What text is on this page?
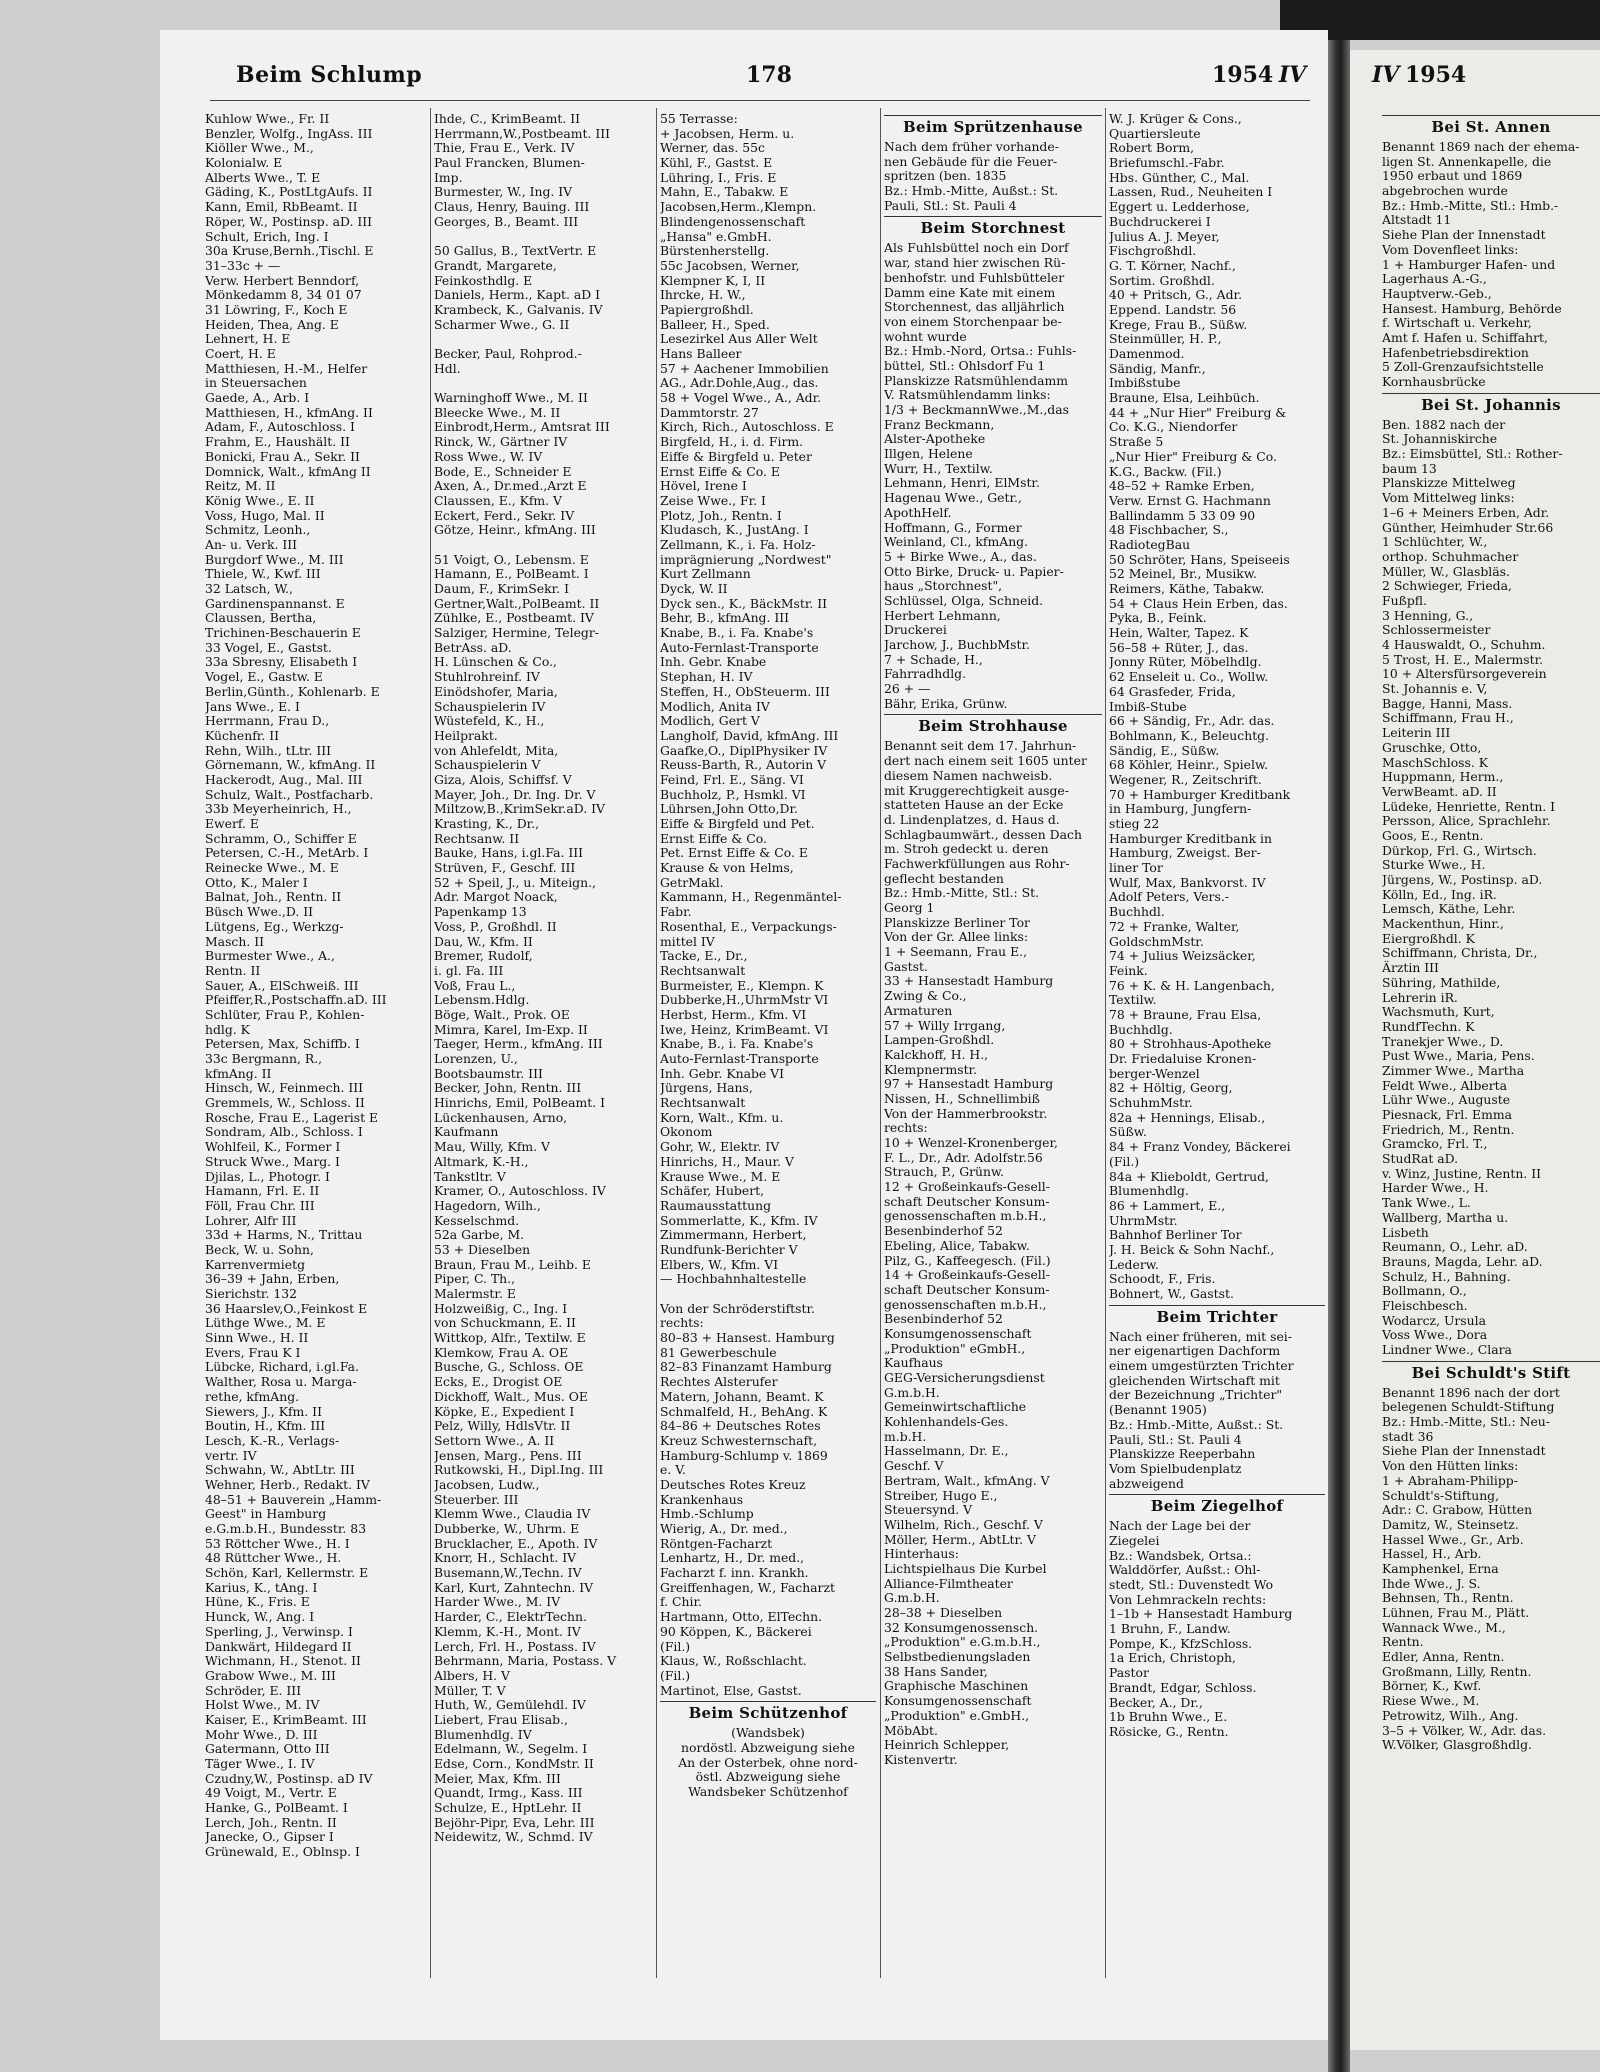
Beim Schlump	178	1954 IV	IV 1954
Kuhlow Wwe., Fr. II
Benzler, Wolfg., IngAss. III
Kiöller Wwe., M.,
Kolonialw. E
Alberts Wwe., T. E
Gäding, K., PostLtgAufs. II
Kann, Emil, RbBeamt. II
Röper, W., Postinsp. aD. III
Schult, Erich, Ing. I
30a Kruse,Bernh.,Tischl. E
31–33c + —
Verw. Herbert Benndorf,
Mönkedamm 8, 34 01 07
31 Löwring, F., Koch E
Heiden, Thea, Ang. E
Lehnert, H. E
Coert, H. E
Matthiesen, H.-M., Helfer
in Steuersachen
Gaede, A., Arb. I
Matthiesen, H., kfmAng. II
Adam, F., Autoschloss. I
Frahm, E., Haushält. II
Bonicki, Frau A., Sekr. II
Domnick, Walt., kfmAng II
Reitz, M. II
König Wwe., E. II
Voss, Hugo, Mal. II
Schmitz, Leonh.,
An- u. Verk. III
Burgdorf Wwe., M. III
Thiele, W., Kwf. III
32 Latsch, W.,
Gardinenspannanst. E
Claussen, Bertha,
Trichinen-Beschauerin E
33 Vogel, E., Gastst.
33a Sbresny, Elisabeth I
Vogel, E., Gastw. E
Berlin,Günth., Kohlenarb. E
Jans Wwe., E. I
Herrmann, Frau D.,
Küchenfr. II
Rehn, Wilh., tLtr. III
Görnemann, W., kfmAng. II
Hackerodt, Aug., Mal. III
Schulz, Walt., Postfacharb.
33b Meyerheinrich, H.,
Ewerf. E
Schramm, O., Schiffer E
Petersen, C.-H., MetArb. I
Reinecke Wwe., M. E
Otto, K., Maler I
Balnat, Joh., Rentn. II
Büsch Wwe.,D. II
Lütgens, Eg., Werkzg-
Masch. II
Burmester Wwe., A.,
Rentn. II
Sauer, A., ElSchweiß. III
Pfeiffer,R.,Postschaffn.aD. III
Schlüter, Frau P., Kohlen-
hdlg. K
Petersen, Max, Schiffb. I
33c Bergmann, R.,
kfmAng. II
Hinsch, W., Feinmech. III
Gremmels, W., Schloss. II
Rosche, Frau E., Lagerist E
Sondram, Alb., Schloss. I
Wohlfeil, K., Former I
Struck Wwe., Marg. I
Djilas, L., Photogr. I
Hamann, Frl. E. II
Föll, Frau Chr. III
Lohrer, Alfr III
33d + Harms, N., Trittau
Beck, W. u. Sohn,
Karrenvermietg
36–39 + Jahn, Erben,
Sierichstr. 132
36 Haarslev,O.,Feinkost E
Lüthge Wwe., M. E
Sinn Wwe., H. II
Evers, Frau K I
Lübcke, Richard, i.gl.Fa.
Walther, Rosa u. Marga-
rethe, kfmAng.
Siewers, J., Kfm. II
Boutin, H., Kfm. III
Lesch, K.-R., Verlags-
vertr. IV
Schwahn, W., AbtLtr. III
Wehner, Herb., Redakt. IV
48–51 + Bauverein „Hamm-
Geest" in Hamburg
e.G.m.b.H., Bundesstr. 83
53 Röttcher Wwe., H. I
48 Rüttcher Wwe., H.
Schön, Karl, Kellermstr. E
Karius, K., tAng. I
Hüne, K., Fris. E
Hunck, W., Ang. I
Sperling, J., Verwinsp. I
Dankwärt, Hildegard II
Wichmann, H., Stenot. II
Grabow Wwe., M. III
Schröder, E. III
Holst Wwe., M. IV
Kaiser, E., KrimBeamt. III
Mohr Wwe., D. III
Gatermann, Otto III
Täger Wwe., I. IV
Czudny,W., Postinsp. aD IV
49 Voigt, M., Vertr. E
Hanke, G., PolBeamt. I
Lerch, Joh., Rentn. II
Janecke, O., Gipser I
Grünewald, E., Oblnsp. I
Ihde, C., KrimBeamt. II
Herrmann,W.,Postbeamt. III
Thie, Frau E., Verk. IV
Paul Francken, Blumen-
Imp.
Burmester, W., Ing. IV
Claus, Henry, Bauing. III
Georges, B., Beamt. III
50 Gallus, B., TextVertr. E
Grandt, Margarete,
Feinkosthdlg. E
Daniels, Herm., Kapt. aD I
Krambeck, K., Galvanis. IV
Scharmer Wwe., G. II
Becker, Paul, Rohprod.-
Hdl.
Warninghoff Wwe., M. II
Bleecke Wwe., M. II
Einbrodt,Herm., Amtsrat III
Rinck, W., Gärtner IV
Ross Wwe., W. IV
Bode, E., Schneider E
Axen, A., Dr.med.,Arzt E
Claussen, E., Kfm. V
Eckert, Ferd., Sekr. IV
Götze, Heinr., kfmAng. III
51 Voigt, O., Lebensm. E
Hamann, E., PolBeamt. I
Daum, F., KrimSekr. I
Gertner,Walt.,PolBeamt. II
Zühlke, E., Postbeamt. IV
Salziger, Hermine, Telegr-
BetrAss. aD.
H. Lünschen & Co.,
Stuhlrohreinf. IV
Einödshofer, Maria,
Schauspielerin IV
Wüstefeld, K., H.,
Heilprakt.
von Ahlefeldt, Mita,
Schauspielerin V
Giza, Alois, Schiffsf. V
Mayer, Joh., Dr. Ing. Dr. V
Miltzow,B.,KrimSekr.aD. IV
Krasting, K., Dr.,
Rechtsanw. II
Bauke, Hans, i.gl.Fa. III
Strüven, F., Geschf. III
52 + Speil, J., u. Miteign.,
Adr. Margot Noack,
Papenkamp 13
Voss, P., Großhdl. II
Dau, W., Kfm. II
Bremer, Rudolf,
i. gl. Fa. III
Voß, Frau L.,
Lebensm.Hdlg.
Böge, Walt., Prok. OE
Mimra, Karel, Im-Exp. II
Taeger, Herm., kfmAng. III
Lorenzen, U.,
Bootsbaumstr. III
Becker, John, Rentn. III
Hinrichs, Emil, PolBeamt. I
Lückenhausen, Arno,
Kaufmann
Mau, Willy, Kfm. V
Altmark, K.-H.,
Tankstltr. V
Kramer, O., Autoschloss. IV
Hagedorn, Wilh.,
Kesselschmd.
52a Garbe, M.
53 + Dieselben
Braun, Frau M., Leihb. E
Piper, C. Th.,
Malermstr. E
Holzweißig, C., Ing. I
von Schuckmann, E. II
Wittkop, Alfr., Textilw. E
Klemkow, Frau A. OE
Busche, G., Schloss. OE
Ecks, E., Drogist OE
Dickhoff, Walt., Mus. OE
Köpke, E., Expedient I
Pelz, Willy, HdlsVtr. II
Settorn Wwe., A. II
Jensen, Marg., Pens. III
Rutkowski, H., Dipl.Ing. III
Jacobsen, Ludw.,
Steuerber. III
Klemm Wwe., Claudia IV
Dubberke, W., Uhrm. E
Brucklacher, E., Apoth. IV
Knorr, H., Schlacht. IV
Busemann,W.,Techn. IV
Karl, Kurt, Zahntechn. IV
Harder Wwe., M. IV
Harder, C., ElektrTechn.
Klemm, K.-H., Mont. IV
Lerch, Frl. H., Postass. IV
Behrmann, Maria, Postass. V
Albers, H. V
Müller, T. V
Huth, W., Gemülehdl. IV
Liebert, Frau Elisab.,
Blumenhdlg. IV
Edelmann, W., Segelm. I
Edse, Corn., KondMstr. II
Meier, Max, Kfm. III
Quandt, Irmg., Kass. III
Schulze, E., HptLehr. II
Bejöhr-Pipr, Eva, Lehr. III
Neidewitz, W., Schmd. IV
55 Terrasse:
+ Jacobsen, Herm. u.
Werner, das. 55c
Kühl, F., Gastst. E
Lühring, I., Fris. E
Mahn, E., Tabakw. E
Jacobsen,Herm.,Klempn.
Blindengenossenschaft
„Hansa" e.GmbH.
Bürstenherstellg.
55c Jacobsen, Werner,
Klempner K, I, II
Ihrcke, H. W.,
Papiergroßhdl.
Balleer, H., Sped.
Lesezirkel Aus Aller Welt
Hans Balleer
57 + Aachener Immobilien
AG., Adr.Dohle,Aug., das.
58 + Vogel Wwe., A., Adr.
Dammtorstr. 27
Kirch, Rich., Autoschloss. E
Birgfeld, H., i. d. Firm.
Eiffe & Birgfeld u. Peter
Ernst Eiffe & Co. E
Hövel, Irene I
Zeise Wwe., Fr. I
Plotz, Joh., Rentn. I
Kludasch, K., JustAng. I
Zellmann, K., i. Fa. Holz-
imprägnierung „Nordwest"
Kurt Zellmann
Dyck, W. II
Dyck sen., K., BäckMstr. II
Behr, B., kfmAng. III
Knabe, B., i. Fa. Knabe's
Auto-Fernlast-Transporte
Inh. Gebr. Knabe
Stephan, H. IV
Steffen, H., ObSteuerm. III
Modlich, Anita IV
Modlich, Gert V
Langholf, David, kfmAng. III
Gaafke,O., DiplPhysiker IV
Reuss-Barth, R., Autorin V
Feind, Frl. E., Säng. VI
Buchholz, P., Hsmkl. VI
Lührsen,John Otto,Dr.
Eiffe & Birgfeld und Pet.
Ernst Eiffe & Co.
Pet. Ernst Eiffe & Co. E
Krause & von Helms,
GetrMakl.
Kammann, H., Regenmäntel-
Fabr.
Rosenthal, E., Verpackungs-
mittel IV
Tacke, E., Dr.,
Rechtsanwalt
Burmeister, E., Klempn. K
Dubberke,H.,UhrmMstr VI
Herbst, Herm., Kfm. VI
Iwe, Heinz, KrimBeamt. VI
Knabe, B., i. Fa. Knabe's
Auto-Fernlast-Transporte
Inh. Gebr. Knabe VI
Jürgens, Hans,
Rechtsanwalt
Korn, Walt., Kfm. u.
Okonom
Gohr, W., Elektr. IV
Hinrichs, H., Maur. V
Krause Wwe., M. E
Schäfer, Hubert,
Raumausstattung
Sommerlatte, K., Kfm. IV
Zimmermann, Herbert,
Rundfunk-Berichter V
Elbers, W., Kfm. VI
— Hochbahnhaltestelle
Von der Schröderstiftstr.
rechts:
80–83 + Hansest. Hamburg
81 Gewerbeschule
82–83 Finanzamt Hamburg
Rechtes Alsterufer
Matern, Johann, Beamt. K
Schmalfeld, H., BehAng. K
84–86 + Deutsches Rotes
Kreuz Schwesternschaft,
Hamburg-Schlump v. 1869
e. V.
Deutsches Rotes Kreuz
Krankenhaus
Hmb.-Schlump
Wierig, A., Dr. med.,
Röntgen-Facharzt
Lenhartz, H., Dr. med.,
Facharzt f. inn. Krankh.
Greiffenhagen, W., Facharzt
f. Chir.
Hartmann, Otto, ElTechn.
90 Köppen, K., Bäckerei
(Fil.)
Klaus, W., Roßschlacht.
(Fil.)
Martinot, Else, Gastst.
Beim Schützenhof
(Wandsbek)
nordöstl. Abzweigung siehe
An der Osterbek, ohne nord-
östl. Abzweigung siehe
Wandsbeker Schützenhof
Beim Sprützenhause
Nach dem früher vorhande-
nen Gebäude für die Feuer-
spritzen (ben. 1835
Bz.: Hmb.-Mitte, Außst.: St.
Pauli, Stl.: St. Pauli 4
Beim Storchnest
Als Fuhlsbüttel noch ein Dorf
war, stand hier zwischen Rü-
benhofstr. und Fuhlsbütteler
Damm eine Kate mit einem
Storchennest, das alljährlich
von einem Storchenpaar be-
wohnt wurde
Bz.: Hmb.-Nord, Ortsa.: Fuhls-
büttel, Stl.: Ohlsdorf Fu 1
Planskizze Ratsmühlendamm
V. Ratsmühlendamm links:
1/3 + BeckmannWwe.,M.,das
Franz Beckmann,
Alster-Apotheke
Illgen, Helene
Wurr, H., Textilw.
Lehmann, Henri, ElMstr.
Hagenau Wwe., Getr.,
ApothHelf.
Hoffmann, G., Former
Weinland, Cl., kfmAng.
5 + Birke Wwe., A., das.
Otto Birke, Druck- u. Papier-
haus „Storchnest",
Schlüssel, Olga, Schneid.
Herbert Lehmann,
Druckerei
Jarchow, J., BuchbMstr.
7 + Schade, H.,
Fahrradhdlg.
26 + —
Bähr, Erika, Grünw.
Beim Strohhause
Benannt seit dem 17. Jahrhun-
dert nach einem seit 1605 unter
diesem Namen nachweisb.
mit Kruggerechtigkeit ausge-
statteten Hause an der Ecke
d. Lindenplatzes, d. Haus d.
Schlagbaumwärt., dessen Dach
m. Stroh gedeckt u. deren
Fachwerkfüllungen aus Rohr-
geflecht bestanden
Bz.: Hmb.-Mitte, Stl.: St.
Georg 1
Planskizze Berliner Tor
Von der Gr. Allee links:
1 + Seemann, Frau E.,
Gastst.
33 + Hansestadt Hamburg
Zwing & Co.,
Armaturen
57 + Willy Irrgang,
Lampen-Großhdl.
Kalckhoff, H. H.,
Klempnermstr.
97 + Hansestadt Hamburg
Nissen, H., Schnellimbiß
Von der Hammerbrookstr.
rechts:
10 + Wenzel-Kronenberger,
F. L., Dr., Adr. Adolfstr.56
Strauch, P., Grünw.
12 + Großeinkaufs-Gesell-
schaft Deutscher Konsum-
genossenschaften m.b.H.,
Besenbinderhof 52
Ebeling, Alice, Tabakw.
Pilz, G., Kaffeegesch. (Fil.)
14 + Großeinkaufs-Gesell-
schaft Deutscher Konsum-
genossenschaften m.b.H.,
Besenbinderhof 52
Konsumgenossenschaft
„Produktion" eGmbH.,
Kaufhaus
GEG-Versicherungsdienst
G.m.b.H.
Gemeinwirtschaftliche
Kohlenhandels-Ges.
m.b.H.
Hasselmann, Dr. E.,
Geschf. V
Bertram, Walt., kfmAng. V
Streiber, Hugo E.,
Steuersynd. V
Wilhelm, Rich., Geschf. V
Möller, Herm., AbtLtr. V
Hinterhaus:
Lichtspielhaus Die Kurbel
Alliance-Filmtheater
G.m.b.H.
28–38 + Dieselben
32 Konsumgenossensch.
„Produktion" e.G.m.b.H.,
Selbstbedienungsladen
38 Hans Sander,
Graphische Maschinen
Konsumgenossenschaft
„Produktion" e.GmbH.,
MöbAbt.
Heinrich Schlepper,
Kistenvertr.
W. J. Krüger & Cons.,
Quartiersleute
Robert Borm,
Briefumschl.-Fabr.
Hbs. Günther, C., Mal.
Lassen, Rud., Neuheiten I
Eggert u. Ledderhose,
Buchdruckerei I
Julius A. J. Meyer,
Fischgroßhdl.
G. T. Körner, Nachf.,
Sortim. Großhdl.
40 + Pritsch, G., Adr.
Eppend. Landstr. 56
Krege, Frau B., Süßw.
Steinmüller, H. P.,
Damenmod.
Sändig, Manfr.,
Imbißstube
Braune, Elsa, Leihbüch.
44 + „Nur Hier" Freiburg &
Co. K.G., Niendorfer
Straße 5
„Nur Hier" Freiburg & Co.
K.G., Backw. (Fil.)
48–52 + Ramke Erben,
Verw. Ernst G. Hachmann
Ballindamm 5 33 09 90
48 Fischbacher, S.,
RadiotegBau
50 Schröter, Hans, Speiseeis
52 Meinel, Br., Musikw.
Reimers, Käthe, Tabakw.
54 + Claus Hein Erben, das.
Pyka, B., Feink.
Hein, Walter, Tapez. K
56–58 + Rüter, J., das.
Jonny Rüter, Möbelhdlg.
62 Enseleit u. Co., Wollw.
64 Grasfeder, Frida,
Imbiß-Stube
66 + Sändig, Fr., Adr. das.
Bohlmann, K., Beleuchtg.
Sändig, E., Süßw.
68 Köhler, Heinr., Spielw.
Wegener, R., Zeitschrift.
70 + Hamburger Kreditbank
in Hamburg, Jungfern-
stieg 22
Hamburger Kreditbank in
Hamburg, Zweigst. Ber-
liner Tor
Wulf, Max, Bankvorst. IV
Adolf Peters, Vers.-
Buchhdl.
72 + Franke, Walter,
GoldschmMstr.
74 + Julius Weizsäcker,
Feink.
76 + K. & H. Langenbach,
Textilw.
78 + Braune, Frau Elsa,
Buchhdlg.
80 + Strohhaus-Apotheke
Dr. Friedaluise Kronen-
berger-Wenzel
82 + Höltig, Georg,
SchuhmMstr.
82a + Hennings, Elisab.,
Süßw.
84 + Franz Vondey, Bäckerei
(Fil.)
84a + Klieboldt, Gertrud,
Blumenhdlg.
86 + Lammert, E.,
UhrmMstr.
Bahnhof Berliner Tor
J. H. Beick & Sohn Nachf.,
Lederw.
Schoodt, F., Fris.
Bohnert, W., Gastst.
Beim Trichter
Nach einer früheren, mit sei-
ner eigenartigen Dachform
einem umgestürzten Trichter
gleichenden Wirtschaft mit
der Bezeichnung „Trichter"
(Benannt 1905)
Bz.: Hmb.-Mitte, Außst.: St.
Pauli, Stl.: St. Pauli 4
Planskizze Reeperbahn
Vom Spielbudenplatz
abzweigend
Beim Ziegelhof
Nach der Lage bei der
Ziegelei
Bz.: Wandsbek, Ortsa.:
Walddörfer, Außst.: Ohl-
stedt, Stl.: Duvenstedt Wo
Von Lehmrackeln rechts:
1–1b + Hansestadt Hamburg
1 Bruhn, F., Landw.
Pompe, K., KfzSchloss.
1a Erich, Christoph,
Pastor
Brandt, Edgar, Schloss.
Becker, A., Dr.,
1b Bruhn Wwe., E.
Rösicke, G., Rentn.
Bei St. Annen
Benannt 1869 nach der ehema-
ligen St. Annenkapelle, die
1950 erbaut und 1869
abgebrochen wurde
Bz.: Hmb.-Mitte, Stl.: Hmb.-
Altstadt 11
Siehe Plan der Innenstadt
Vom Dovenfleet links:
1 + Hamburger Hafen- und
Lagerhaus A.-G.,
Hauptverw.-Geb.,
Hansest. Hamburg, Behörde
f. Wirtschaft u. Verkehr,
Amt f. Hafen u. Schiffahrt,
Hafenbetriebsdirektion
5 Zoll-Grenzaufsichtstelle
Kornhausbrücke
Bei St. Johannis
Ben. 1882 nach der
St. Johanniskirche
Bz.: Eimsbüttel, Stl.: Rother-
baum 13
Planskizze Mittelweg
Vom Mittelweg links:
1–6 + Meiners Erben, Adr.
Günther, Heimhuder Str.66
1 Schlüchter, W.,
orthop. Schuhmacher
Müller, W., Glasbläs.
2 Schwieger, Frieda,
Fußpfl.
3 Henning, G.,
Schlossermeister
4 Hauswaldt, O., Schuhm.
5 Trost, H. E., Malermstr.
10 + Altersfürsorgeverein
St. Johannis e. V,
Bagge, Hanni, Mass.
Schiffmann, Frau H.,
Leiterin III
Gruschke, Otto,
MaschSchloss. K
Huppmann, Herm.,
VerwBeamt. aD. II
Lüdeke, Henriette, Rentn. I
Persson, Alice, Sprachlehr.
Goos, E., Rentn.
Dürkop, Frl. G., Wirtsch.
Sturke Wwe., H.
Jürgens, W., Postinsp. aD.
Kölln, Ed., Ing. iR.
Lemsch, Käthe, Lehr.
Mackenthun, Hinr.,
Eiergroßhdl. K
Schiffmann, Christa, Dr.,
Ärztin III
Sühring, Mathilde,
Lehrerin iR.
Wachsmuth, Kurt,
RundfTechn. K
Tranekjer Wwe., D.
Pust Wwe., Maria, Pens.
Zimmer Wwe., Martha
Feldt Wwe., Alberta
Lühr Wwe., Auguste
Piesnack, Frl. Emma
Friedrich, M., Rentn.
Gramcko, Frl. T.,
StudRat aD.
v. Winz, Justine, Rentn. II
Harder Wwe., H.
Tank Wwe., L.
Wallberg, Martha u.
Lisbeth
Reumann, O., Lehr. aD.
Brauns, Magda, Lehr. aD.
Schulz, H., Bahning.
Bollmann, O.,
Fleischbesch.
Wodarcz, Ursula
Voss Wwe., Dora
Lindner Wwe., Clara
Bei Schuldt's Stift
Benannt 1896 nach der dort
belegenen Schuldt-Stiftung
Bz.: Hmb.-Mitte, Stl.: Neu-
stadt 36
Siehe Plan der Innenstadt
Von den Hütten links:
1 + Abraham-Philipp-
Schuldt's-Stiftung,
Adr.: C. Grabow, Hütten
Damitz, W., Steinsetz.
Hassel Wwe., Gr., Arb.
Hassel, H., Arb.
Kamphenkel, Erna
Ihde Wwe., J. S.
Behnsen, Th., Rentn.
Lühnen, Frau M., Plätt.
Wannack Wwe., M.,
Rentn.
Edler, Anna, Rentn.
Großmann, Lilly, Rentn.
Börner, K., Kwf.
Riese Wwe., M.
Petrowitz, Wilh., Ang.
3–5 + Völker, W., Adr. das.
W.Völker, Glasgroßhdlg.
